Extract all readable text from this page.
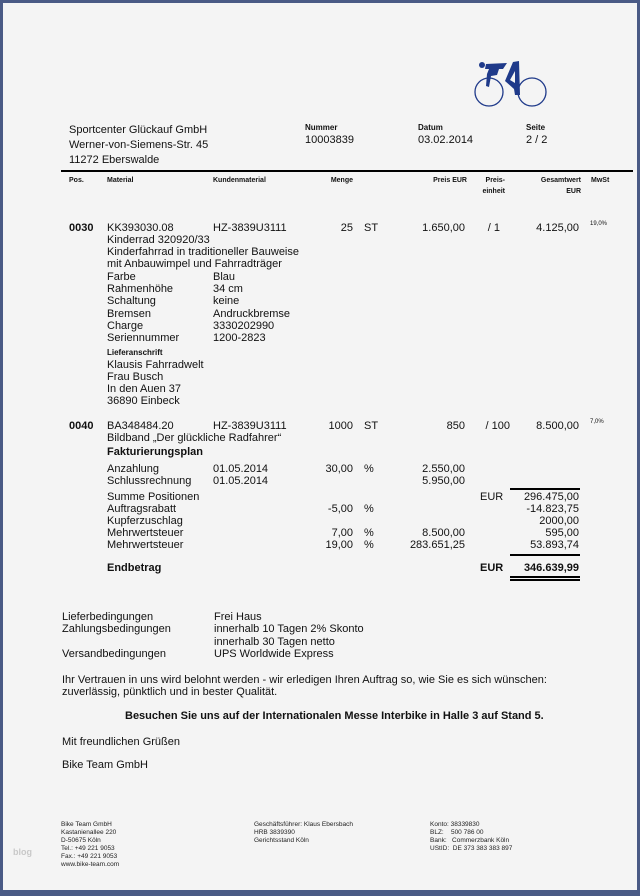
Sportcenter Glückauf GmbH
Werner-von-Siemens-Str. 45
11272 Eberswalde
Nummer
10003839
Datum
03.02.2014
Seite
2 / 2
Pos.	Material	Kundenmaterial	Menge	Preis EUR	Preis-
einheit
Gesamtwert
EUR
MwSt
0030 KK393030.08	HZ-3839U3111	25 ST	1.650,00	/ 1	4.125,00 19,0%
Kinderrad 320920/33
Kinderfahrrad in traditioneller Bauweise
mit Anbauwimpel und Fahrradträger
Farbe	Blau
Rahmenhöhe	34 cm
Schaltung	keine
Bremsen	Andruckbremse
Charge	3330202990
Seriennummer	1200-2823
Lieferanschrift
Klausis Fahrradwelt
Frau Busch
In den Auen 37
36890 Einbeck
0040 BA348484.20	HZ-3839U3111	1000 ST	850	/ 100	8.500,00 7,0%
Bildband „Der glückliche Radfahrer“
Fakturierungsplan
Anzahlung	01.05.2014	30,00 %	2.550,00
Schlussrechnung 01.05.2014	5.950,00
Summe Positionen	EUR	296.475,00
Auftragsrabatt	-5,00 %	-14.823,75
Kupferzuschlag	2000,00
Mehrwertsteuer	7,00 %	8.500,00	595,00
Mehrwertsteuer	19,00 %	283.651,25	53.893,74
Endbetrag	EUR	346.639,99
Lieferbedingungen	Frei Haus
Zahlungsbedingungen	innerhalb 10 Tagen 2% Skonto
innerhalb 30 Tagen netto
Versandbedingungen	UPS Worldwide Express
Ihr Vertrauen in uns wird belohnt werden - wir erledigen Ihren Auftrag so, wie Sie es sich wünschen:
zuverlässig, pünktlich und in bester Qualität.
Besuchen Sie uns auf der Internationalen Messe Interbike in Halle 3 auf Stand 5.
Mit freundlichen Grüßen
Bike Team GmbH
blog
Bike Team GmbH
Kastanienallee 220
D-50675 Köln
Tel.: +49 221 9053
Fax.: +49 221 9053
www.bike-team.com
Geschäftsführer: Klaus Ebersbach
HRB 3839390
Gerichtsstand Köln
Konto: 38339830
BLZ:    500 786 00
Bank:   Commerzbank Köln
UStID:  DE 373 383 383 897
